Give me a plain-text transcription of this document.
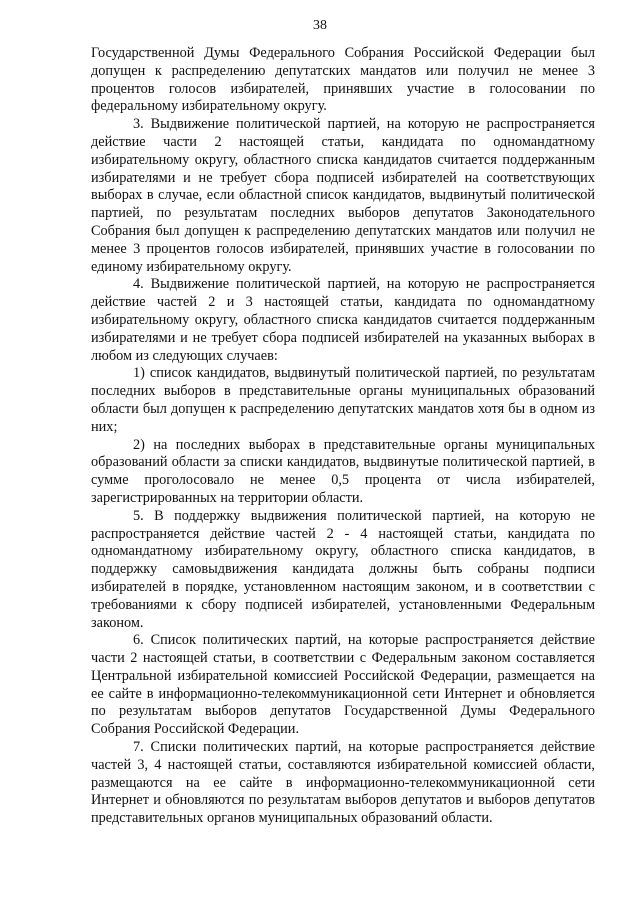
38

Государственной Думы Федерального Собрания Российской Федерации был допущен к распределению депутатских мандатов или получил не менее 3 процентов голосов избирателей, принявших участие в голосовании по федеральному избирательному округу.

3. Выдвижение политической партией, на которую не распространяется действие части 2 настоящей статьи, кандидата по одномандатному избирательному округу, областного списка кандидатов считается поддержанным избирателями и не требует сбора подписей избирателей на соответствующих выборах в случае, если областной список кандидатов, выдвинутый политической партией, по результатам последних выборов депутатов Законодательного Собрания был допущен к распределению депутатских мандатов или получил не менее 3 процентов голосов избирателей, принявших участие в голосовании по единому избирательному округу.

4. Выдвижение политической партией, на которую не распространяется действие частей 2 и 3 настоящей статьи, кандидата по одномандатному избирательному округу, областного списка кандидатов считается поддержанным избирателями и не требует сбора подписей избирателей на указанных выборах в любом из следующих случаев:

1) список кандидатов, выдвинутый политической партией, по результатам последних выборов в представительные органы муниципальных образований области был допущен к распределению депутатских мандатов хотя бы в одном из них;

2) на последних выборах в представительные органы муниципальных образований области за списки кандидатов, выдвинутые политической партией, в сумме проголосовало не менее 0,5 процента от числа избирателей, зарегистрированных на территории области.

5. В поддержку выдвижения политической партией, на которую не распространяется действие частей 2 - 4 настоящей статьи, кандидата по одномандатному избирательному округу, областного списка кандидатов, в поддержку самовыдвижения кандидата должны быть собраны подписи избирателей в порядке, установленном настоящим законом, и в соответствии с требованиями к сбору подписей избирателей, установленными Федеральным законом.

6. Список политических партий, на которые распространяется действие части 2 настоящей статьи, в соответствии с Федеральным законом составляется Центральной избирательной комиссией Российской Федерации, размещается на ее сайте в информационно-телекоммуникационной сети Интернет и обновляется по результатам выборов депутатов Государственной Думы Федерального Собрания Российской Федерации.

7. Списки политических партий, на которые распространяется действие частей 3, 4 настоящей статьи, составляются избирательной комиссией области, размещаются на ее сайте в информационно-телекоммуникационной сети Интернет и обновляются по результатам выборов депутатов и выборов депутатов представительных органов муниципальных образований области.
